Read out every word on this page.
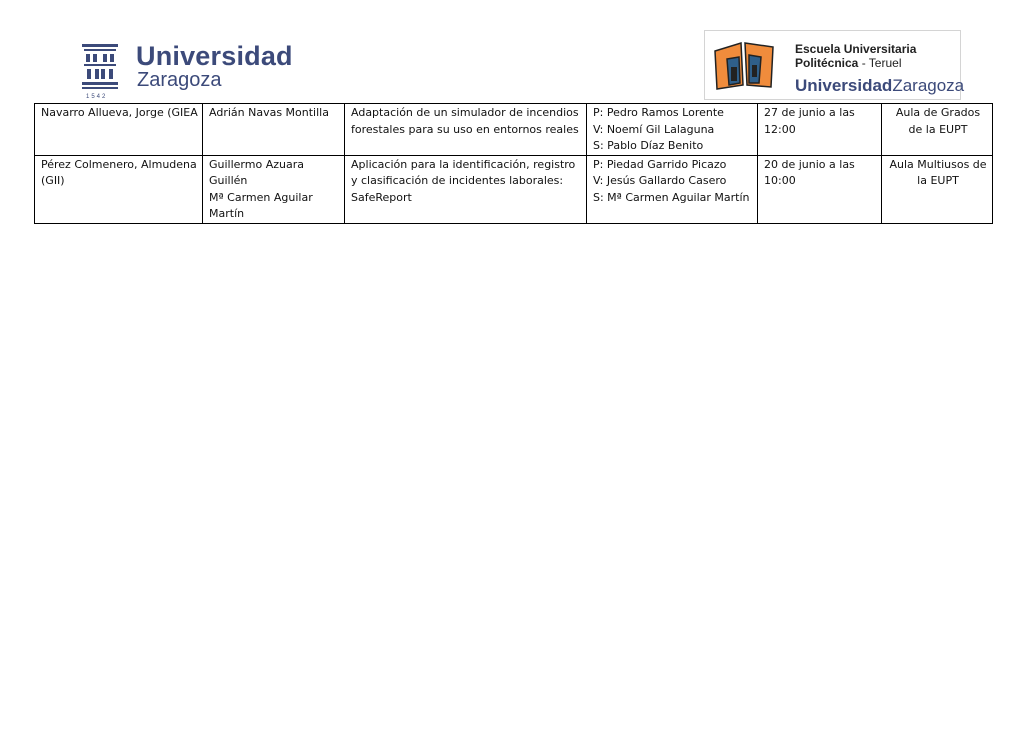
Universidad
Zaragoza
1542
Escuela Universitaria
Politécnica - Teruel
UniversidadZaragoza
Navarro Allueva, Jorge (GIEA	Adrián Navas Montilla	Adaptación de un simulador de incendios forestales para su uso en entornos reales	P: Pedro Ramos Lorente
V: Noemí Gil Lalaguna
S: Pablo Díaz Benito	27 de junio a las 12:00	Aula de Grados de la EUPT
Pérez Colmenero, Almudena (GII)	Guillermo Azuara Guillén
Mª Carmen Aguilar Martín	Aplicación para la identificación, registro y clasificación de incidentes laborales: SafeReport	P: Piedad Garrido Picazo
V: Jesús Gallardo Casero
S: Mª Carmen Aguilar Martín	20 de junio a las 10:00	Aula Multiusos de la EUPT
